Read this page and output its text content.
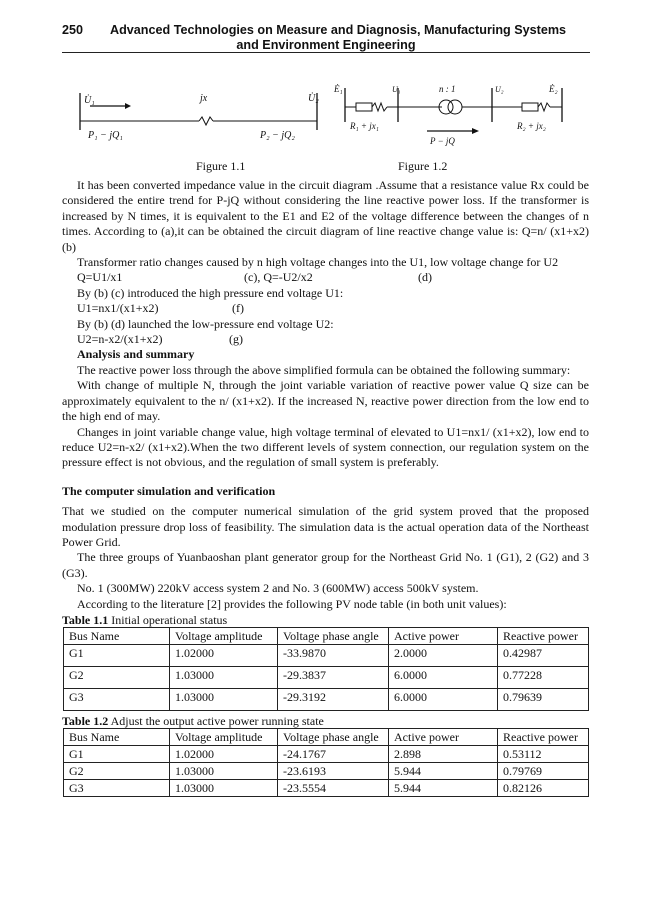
250 Advanced Technologies on Measure and Diagnosis, Manufacturing Systems
and Environment Engineering
U̇₁	jx	U̇₂
P₁ − jQ₁	P₂ − jQ₂
Ė₁	U₁	n : 1	U₂	Ė₂
R₁ + jx₁
P − jQ
R₂ + jx₂
Figure 1.1	Figure 1.2

It has been converted impedance value in the circuit diagram .Assume that a resistance value Rx could be considered the entire trend for P-jQ without considering the line reactive power loss. If the transformer is increased by N times, it is equivalent to the E1 and E2 of the voltage difference between the changes of n times. According to (a),it can be obtained the circuit diagram of line reactive change value is: Q=n/ (x1+x2) (b)

Transformer ratio changes caused by n high voltage changes into the U1, low voltage change for U2

Q=U1/x1	(c), Q=-U2/x2	(d)

By (b) (c) introduced the high pressure end voltage U1:

U1=nx1/(x1+x2)	(f)

By (b) (d) launched the low-pressure end voltage U2:

U2=n-x2/(x1+x2)	(g)

Analysis and summary

The reactive power loss through the above simplified formula can be obtained the following summary:

With change of multiple N, through the joint variable variation of reactive power value Q size can be approximately equivalent to the n/ (x1+x2). If the increased N, reactive power direction from the low end to the high end of may.

Changes in joint variable change value, high voltage terminal of elevated to U1=nx1/ (x1+x2), low end to reduce U2=n-x2/ (x1+x2).When the two different levels of system connection, our regulation system on the pressure effect is not obvious, and the regulation of small system is preferably.

The computer simulation and verification

That we studied on the computer numerical simulation of the grid system proved that the proposed modulation pressure drop loss of feasibility. The simulation data is the actual operation data of the Northeast Power Grid.

The three groups of Yuanbaoshan plant generator group for the Northeast Grid No. 1 (G1), 2 (G2) and 3 (G3).

No. 1 (300MW) 220kV access system 2 and No. 3 (600MW) access 500kV system.

According to the literature [2] provides the following PV node table (in both unit values):

Table 1.1 Initial operational status

Bus Name	Voltage amplitude	Voltage phase angle	Active power	Reactive power
G1	1.02000	-33.9870	2.0000	0.42987
G2	1.03000	-29.3837	6.0000	0.77228
G3	1.03000	-29.3192	6.0000	0.79639

Table 1.2 Adjust the output active power running state

Bus Name	Voltage amplitude	Voltage phase angle	Active power	Reactive power
G1	1.02000	-24.1767	2.898	0.53112
G2	1.03000	-23.6193	5.944	0.79769
G3	1.03000	-23.5554	5.944	0.82126
